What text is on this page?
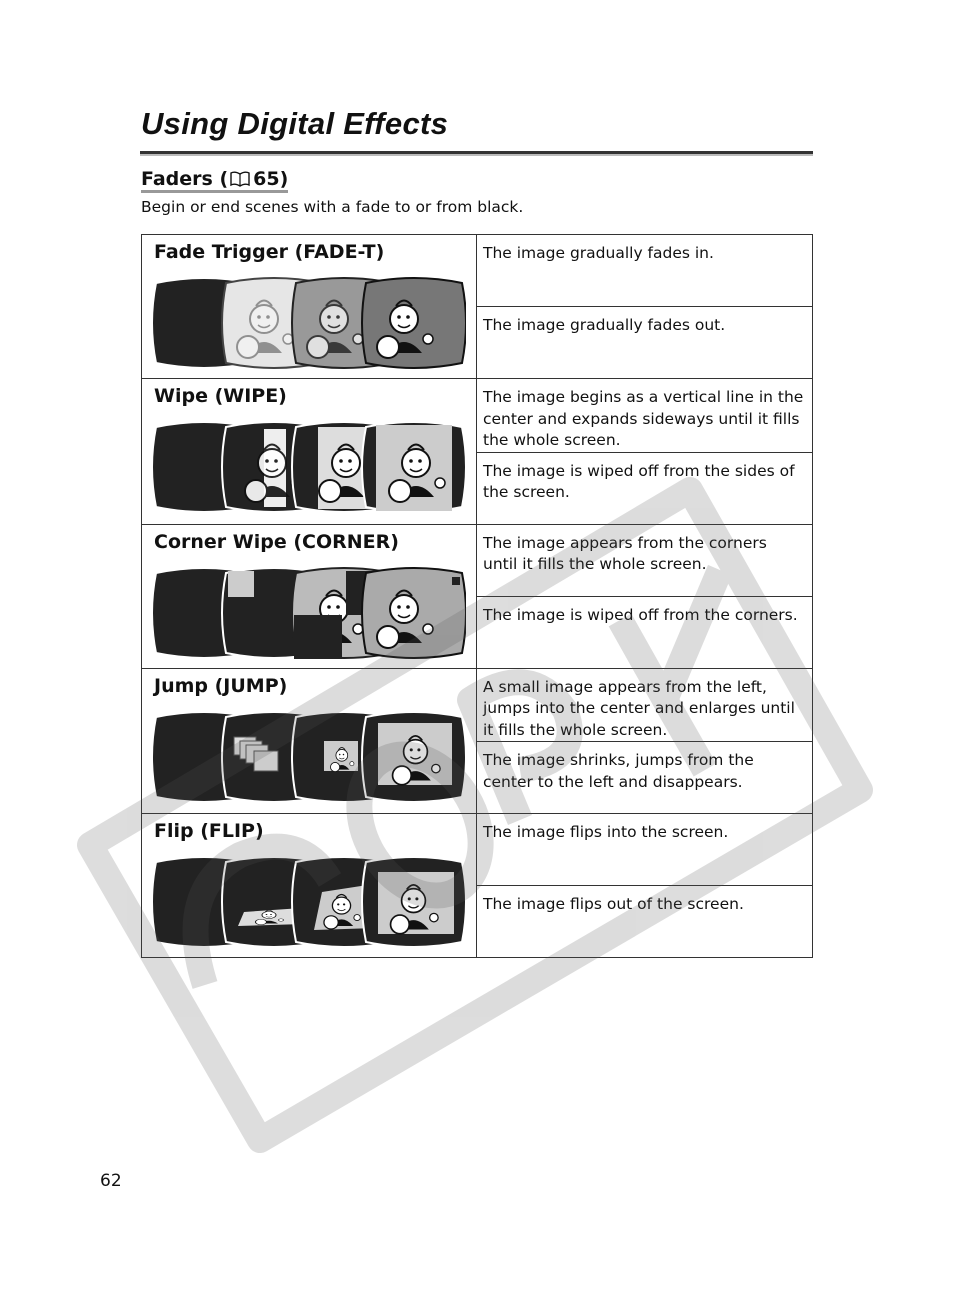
Using Digital Effects
Faders ( 65)
Begin or end scenes with a fade to or from black.
Fade Trigger (FADE-T)	The image gradually fades in.
	The image gradually fades out.

Wipe (WIPE)	The image begins as a vertical line in the center and expands sideways until it fills the whole screen.
	The image is wiped off from the sides of the screen.

Corner Wipe (CORNER)	The image appears from the corners until it fills the whole screen.
	The image is wiped off from the corners.

Jump (JUMP)	A small image appears from the left, jumps into the center and enlarges until it fills the whole screen.
	The image shrinks, jumps from the center to the left and disappears.

Flip (FLIP)	The image flips into the screen.
	The image flips out of the screen.
62
